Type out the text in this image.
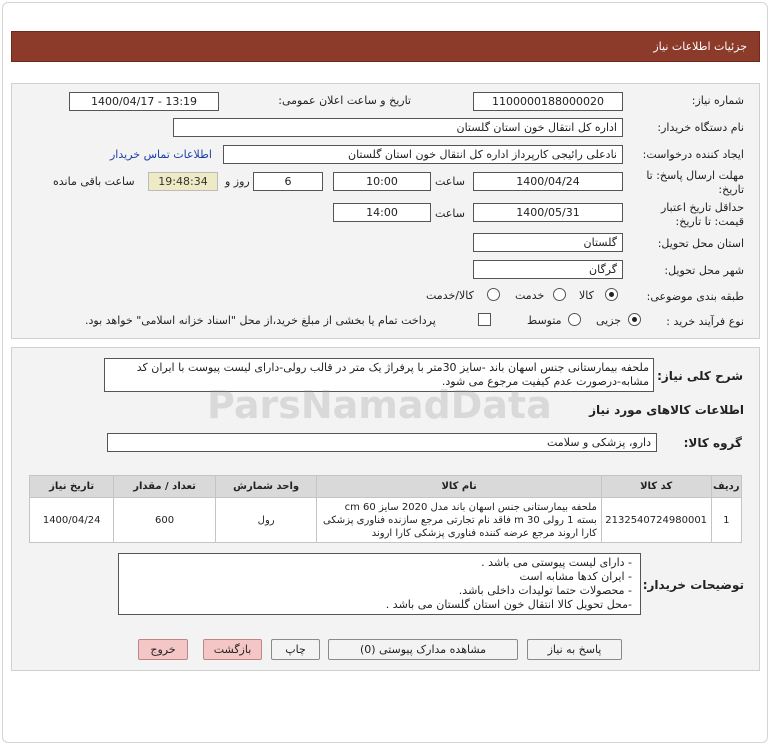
جزئیات اطلاعات نیاز
شماره نیاز:
1100000188000020
تاریخ و ساعت اعلان عمومی:
1400/04/17 - 13:19
نام دستگاه خریدار:
اداره کل انتقال خون استان گلستان
ایجاد کننده درخواست:
نادعلی رائیجی کارپرداز اداره کل انتقال خون استان گلستان
اطلاعات تماس خریدار
مهلت ارسال پاسخ: تا
تاریخ:
1400/04/24
ساعت
10:00
6
روز و
19:48:34
ساعت باقی مانده
حداقل تاریخ اعتبار
قیمت: تا تاریخ:
1400/05/31
ساعت
14:00
استان محل تحویل:
گلستان
شهر محل تحویل:
گرگان
طبقه بندی موضوعی:
کالا
خدمت
کالا/خدمت
نوع فرآیند خرید :
جزیی
متوسط
پرداخت تمام یا بخشی از مبلغ خرید،از محل "اسناد خزانه اسلامی" خواهد بود.
شرح کلی نیاز:
ملحفه بیمارستانی جنس اسهان باند -سایز 30متر با پرفراژ یک متر در قالب رولی-دارای لیست پیوست با ایران کد مشابه-درصورت عدم کیفیت مرجوع می شود.
اطلاعات کالاهای مورد نیاز
گروه کالا:
دارو، پزشکی و سلامت
تاریخ نیاز	تعداد / مقدار	واحد شمارش	نام کالا	کد کالا	ردیف
1400/04/24	600	رول	ملحفه بیمارستانی جنس اسهان باند مدل 2020 سایز 60 cm بسته 1 رولی 30 m فاقد نام تجارتی مرجع سازنده فناوری پزشکی کارا اروند مرجع عرضه کننده فناوری پزشکی کارا اروند	2132540724980001	1
توضیحات خریدار:
- دارای لیست پیوستی می باشد .
- ایران کدها مشابه است
- محصولات حتما تولیدات داخلی باشد.
-محل تحویل کالا انتقال خون استان گلستان می باشد .
پاسخ به نیاز
مشاهده مدارک پیوستی (0)
چاپ
بازگشت
خروج
ParsNamadData
